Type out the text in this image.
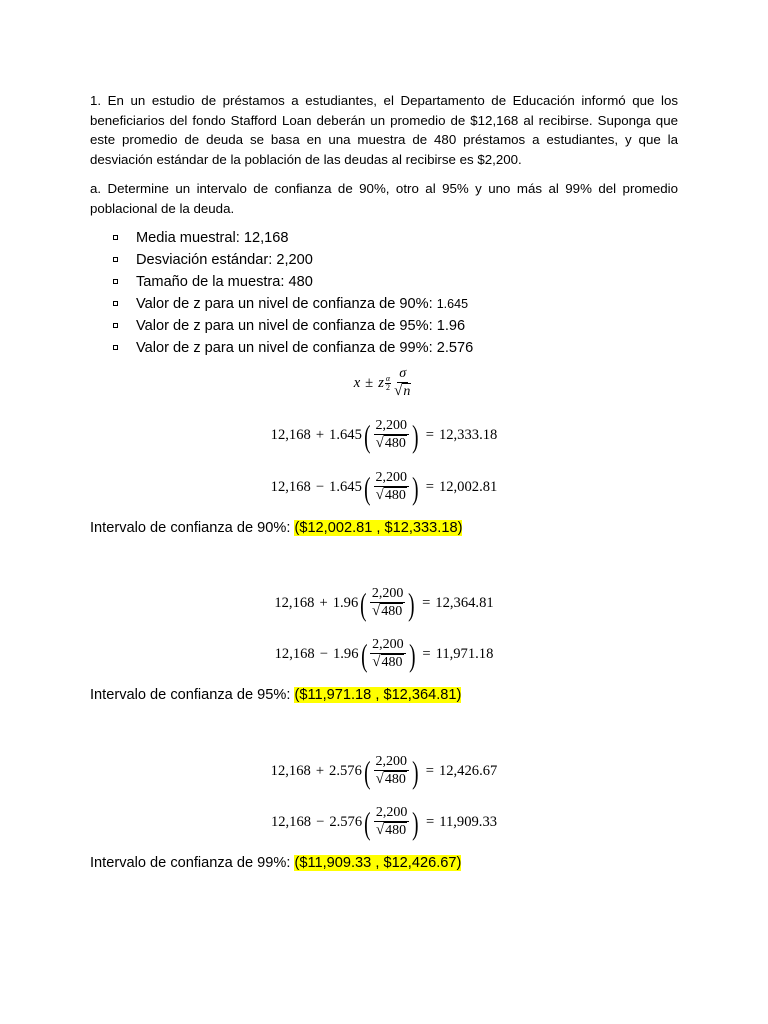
1. En un estudio de préstamos a estudiantes, el Departamento de Educación informó que los beneficiarios del fondo Stafford Loan deberán un promedio de $12,168 al recibirse. Suponga que este promedio de deuda se basa en una muestra de 480 préstamos a estudiantes, y que la desviación estándar de la población de las deudas al recibirse es $2,200.
a. Determine un intervalo de confianza de 90%, otro al 95% y uno más al 99% del promedio poblacional de la deuda.
Media muestral: 12,168
Desviación estándar: 2,200
Tamaño de la muestra: 480
Valor de z para un nivel de confianza de 90%: 1.645
Valor de z para un nivel de confianza de 95%: 1.96
Valor de z para un nivel de confianza de 99%: 2.576
x ± z α
$2 \frac{\sigma}{√ n}$
12,168 + 1.645 ( $\frac{2,200}{√ 480}$ ) = 12,333.18
12,168 − 1.645 ( $\frac{2,200}{√ 480}$ ) = 12,002.81
Intervalo de confianza de 90%: ($12,002.81 , $12,333.18)
12,168 + 1.96 ( $\frac{2,200}{√ 480}$ ) = 12,364.81
12,168 − 1.96 ( $\frac{2,200}{√ 480}$ ) = 11,971.18
Intervalo de confianza de 95%: ($11,971.18 , $12,364.81)
12,168 + 2.576 ( $\frac{2,200}{√ 480}$ ) = 12,426.67
12,168 − 2.576 ( $\frac{2,200}{√ 480}$ ) = 11,909.33
Intervalo de confianza de 99%: ($11,909.33 , $12,426.67)
